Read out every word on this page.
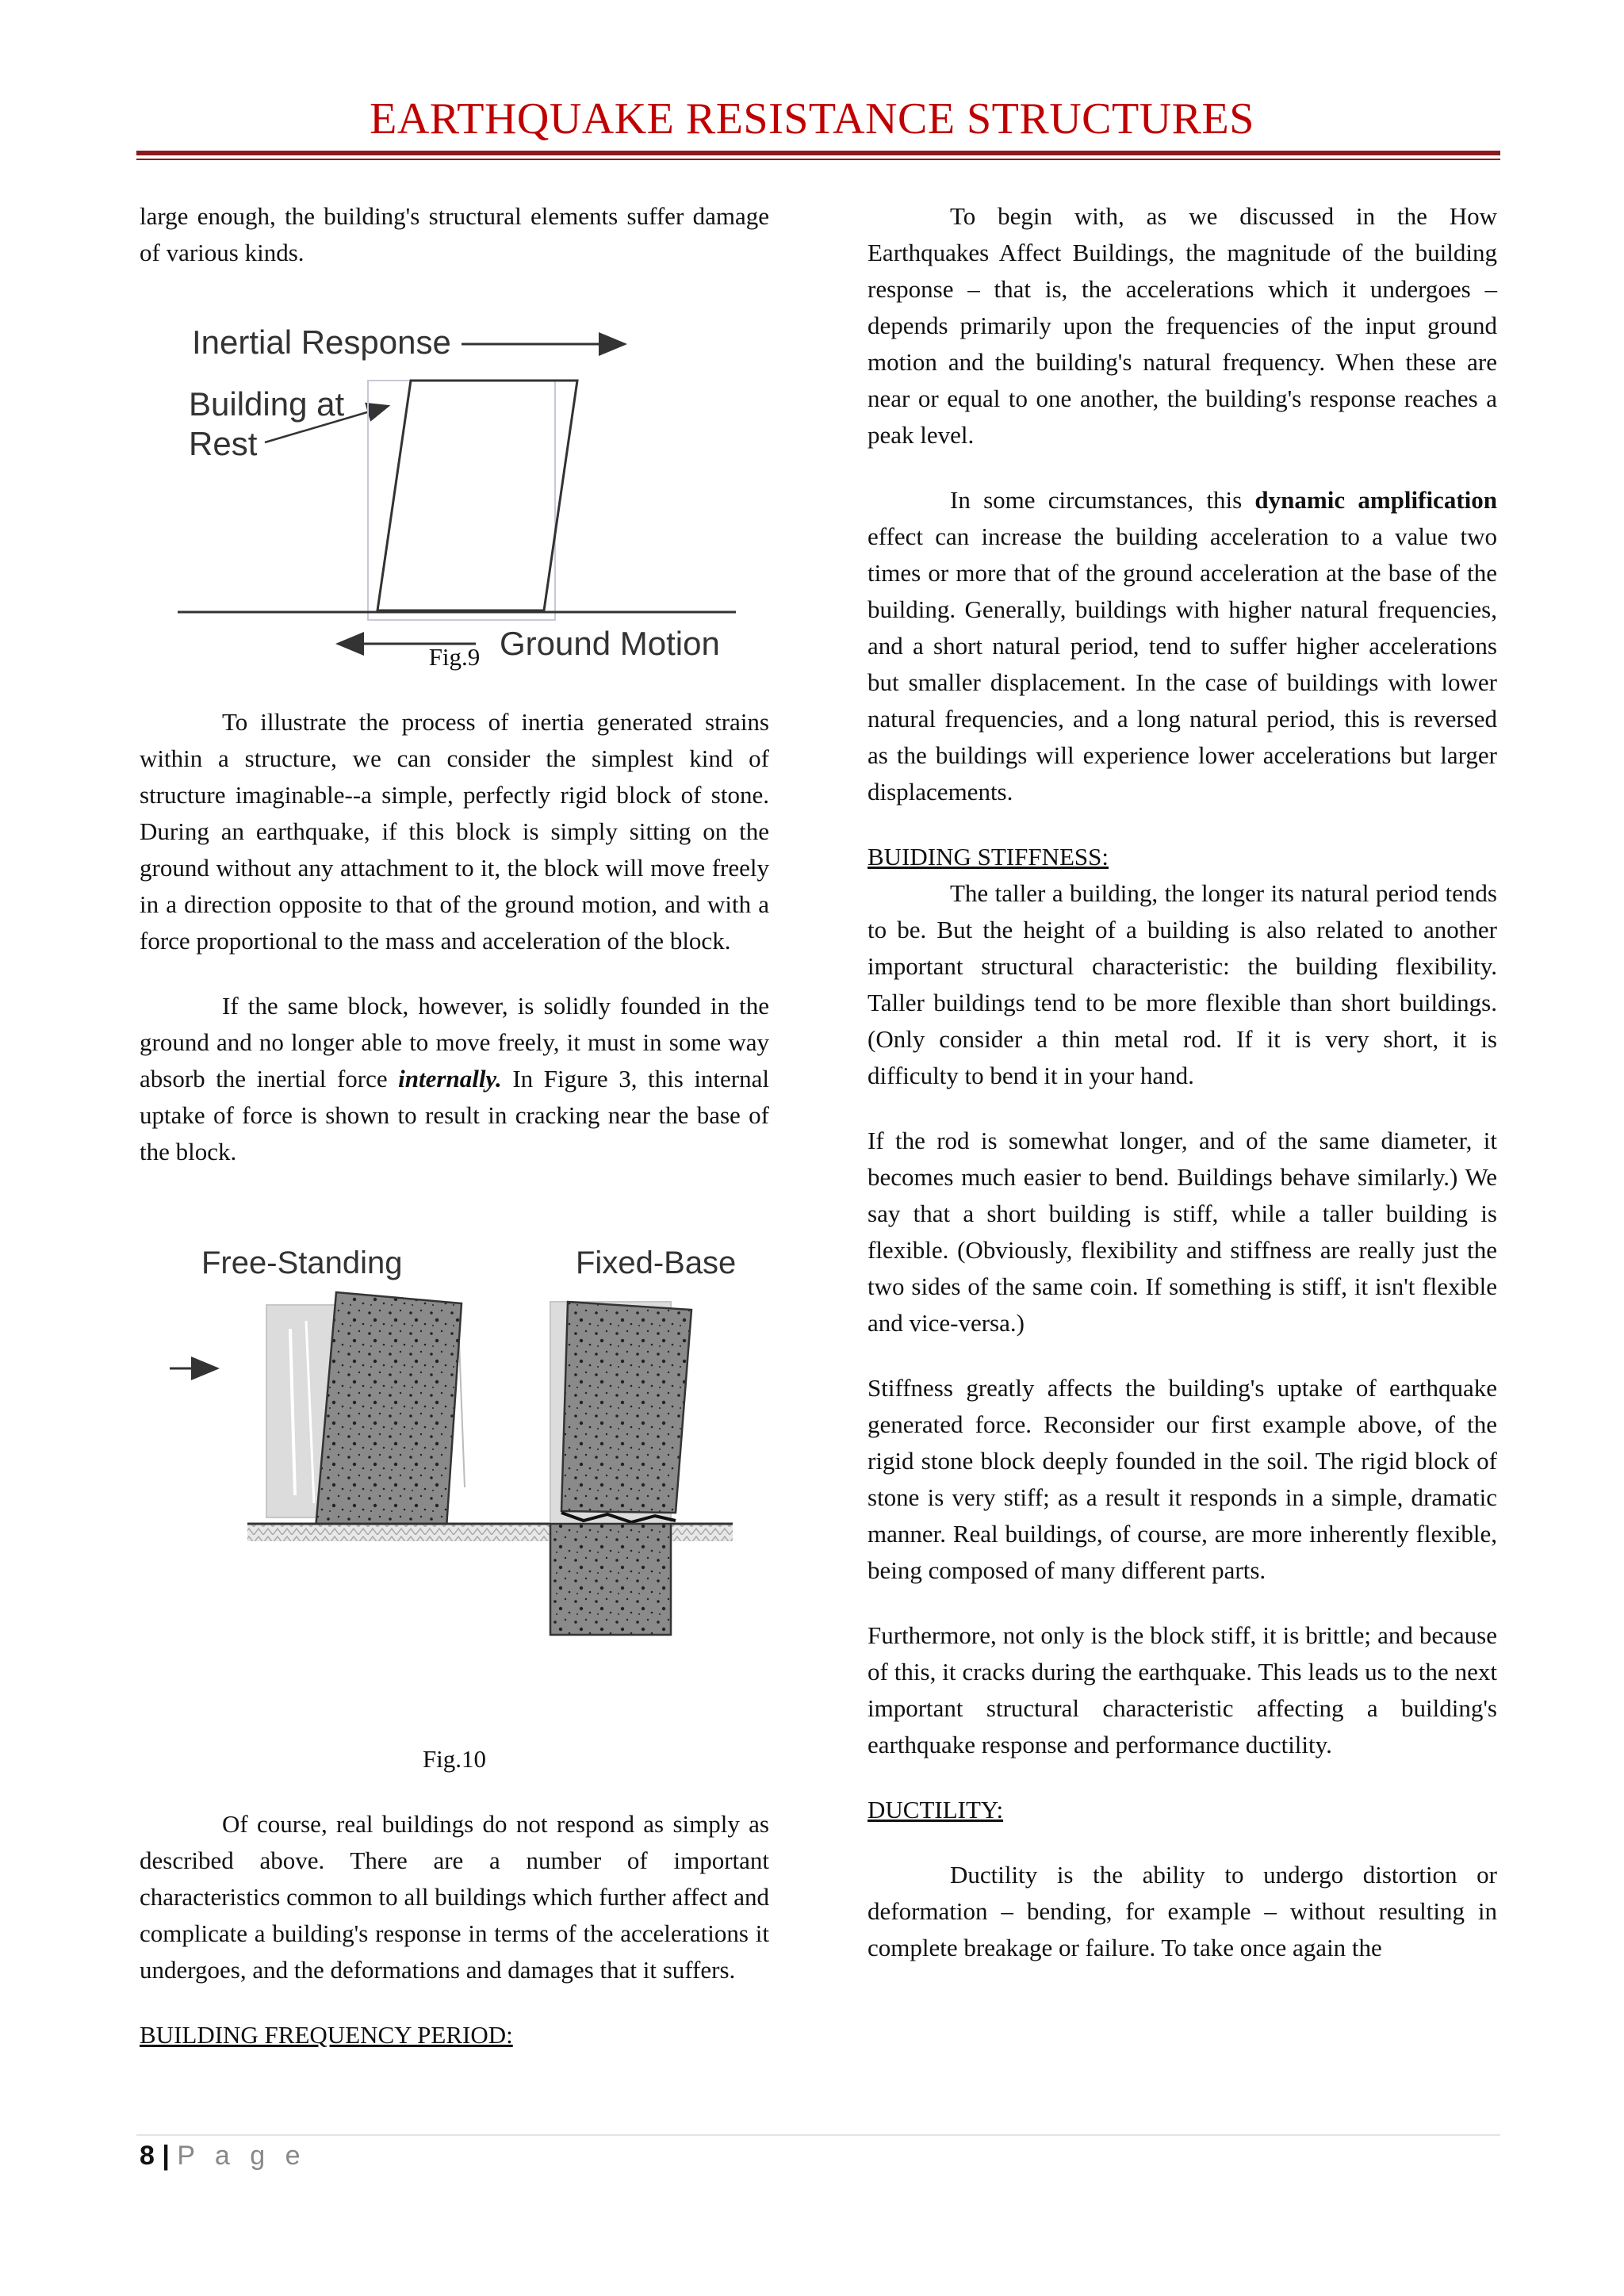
EARTHQUAKE RESISTANCE STRUCTURES

large enough, the building's structural elements suffer damage of various kinds.

Inertial Response
Building at
Rest
Ground Motion

Fig.9

To illustrate the process of inertia generated strains within a structure, we can consider the simplest kind of structure imaginable--a simple, perfectly rigid block of stone. During an earthquake, if this block is simply sitting on the ground without any attachment to it, the block will move freely in a direction opposite to that of the ground motion, and with a force proportional to the mass and acceleration of the block.

If the same block, however, is solidly founded in the ground and no longer able to move freely, it must in some way absorb the inertial force internally. In Figure 3, this internal uptake of force is shown to result in cracking near the base of the block.

Free-Standing	Fixed-Base

Fig.10

Of course, real buildings do not respond as simply as described above. There are a number of important characteristics common to all buildings which further affect and complicate a building's response in terms of the accelerations it undergoes, and the deformations and damages that it suffers.

BUILDING FREQUENCY PERIOD:

To begin with, as we discussed in the How Earthquakes Affect Buildings, the magnitude of the building response – that is, the accelerations which it undergoes – depends primarily upon the frequencies of the input ground motion and the building's natural frequency. When these are near or equal to one another, the building's response reaches a peak level.

In some circumstances, this dynamic amplification effect can increase the building acceleration to a value two times or more that of the ground acceleration at the base of the building. Generally, buildings with higher natural frequencies, and a short natural period, tend to suffer higher accelerations but smaller displacement. In the case of buildings with lower natural frequencies, and a long natural period, this is reversed as the buildings will experience lower accelerations but larger displacements.

BUIDING STIFFNESS:

The taller a building, the longer its natural period tends to be. But the height of a building is also related to another important structural characteristic: the building flexibility. Taller buildings tend to be more flexible than short buildings. (Only consider a thin metal rod. If it is very short, it is difficulty to bend it in your hand.

If the rod is somewhat longer, and of the same diameter, it becomes much easier to bend. Buildings behave similarly.) We say that a short building is stiff, while a taller building is flexible. (Obviously, flexibility and stiffness are really just the two sides of the same coin. If something is stiff, it isn't flexible and vice-versa.)

Stiffness greatly affects the building's uptake of earthquake generated force. Reconsider our first example above, of the rigid stone block deeply founded in the soil. The rigid block of stone is very stiff; as a result it responds in a simple, dramatic manner. Real buildings, of course, are more inherently flexible, being composed of many different parts.

Furthermore, not only is the block stiff, it is brittle; and because of this, it cracks during the earthquake. This leads us to the next important structural characteristic affecting a building's earthquake response and performance ductility.

DUCTILITY:

Ductility is the ability to undergo distortion or deformation – bending, for example – without resulting in complete breakage or failure. To take once again the

8 | P a g e
